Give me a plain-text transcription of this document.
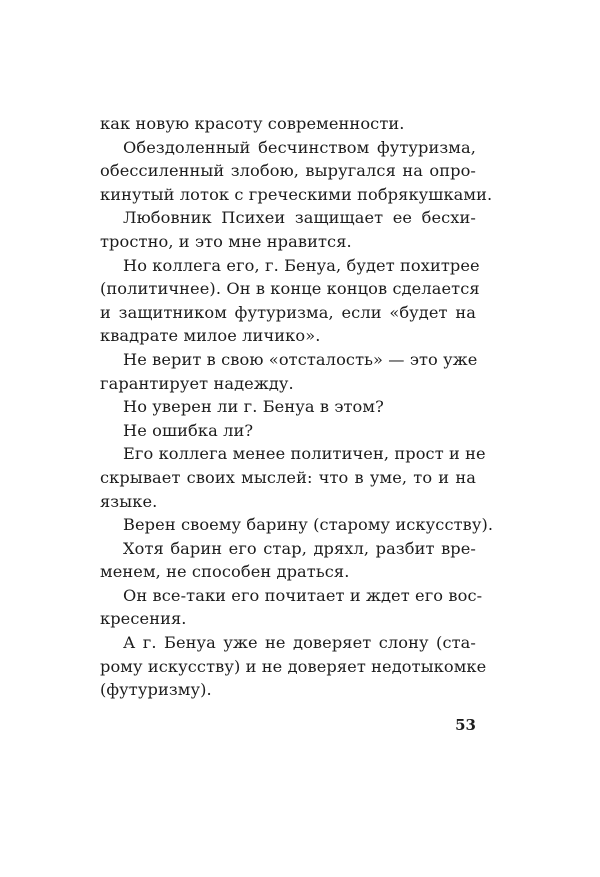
как новую красоту современности.
Обездоленный бесчинством футуризма,
обессиленный злобою, выругался на опро-
кинутый лоток с греческими побрякушками.
Любовник Психеи защищает ее бесхи-
тростно, и это мне нравится.
Но коллега его, г. Бенуа, будет похитрее
(политичнее). Он в конце концов сделается
и защитником футуризма, если «будет на
квадрате милое личико».
Не верит в свою «отсталость» — это уже
гарантирует надежду.
Но уверен ли г. Бенуа в этом?
Не ошибка ли?
Его коллега менее политичен, прост и не
скрывает своих мыслей: что в уме, то и на
языке.
Верен своему барину (старому искусству).
Хотя барин его стар, дряхл, разбит вре-
менем, не способен драться.
Он все-таки его почитает и ждет его вос-
кресения.
А г. Бенуа уже не доверяет слону (ста-
рому искусству) и не доверяет недотыкомке
(футуризму).
53
